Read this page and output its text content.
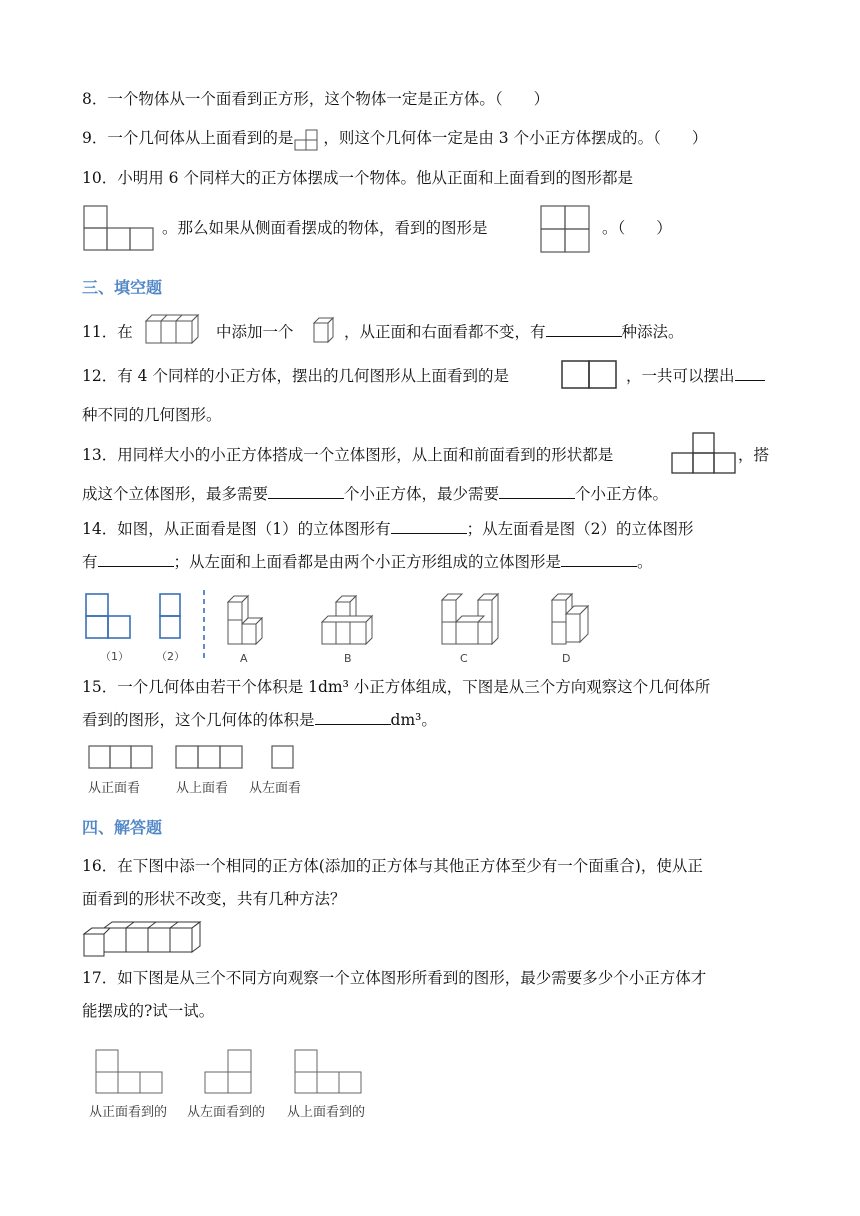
8．一个物体从一个面看到正方形，这个物体一定是正方体。（　　）
9．一个几何体从上面看到的是 ，则这个几何体一定是由 3 个小正方体摆成的。（　　）
10．小明用 6 个同样大的正方体摆成一个物体。他从正面和上面看到的图形都是
。那么如果从侧面看摆成的物体，看到的图形是	。（　　）
三、填空题
11．在	中添加一个	，从正面和右面看都不变，有	种添法。
12．有 4 个同样的小正方体，摆出的几何图形从上面看到的是	，一共可以摆出
种不同的几何图形。
13．用同样大小的小正方体搭成一个立体图形，从上面和前面看到的形状都是	，搭
成这个立体图形，最多需要	个小正方体，最少需要	个小正方体。
14．如图，从正面看是图（1）的立体图形有	；从左面看是图（2）的立体图形
有	；从左面和上面看都是由两个小正方形组成的立体图形是	。
（1） （2）	A	B	C	D
15．一个几何体由若干个体积是 1dm³ 小正方体组成，下图是从三个方向观察这个几何体所
看到的图形，这个几何体的体积是	dm³。
从正面看	从上面看 从左面看
四、解答题
16．在下图中添一个相同的正方体(添加的正方体与其他正方体至少有一个面重合)，使从正
面看到的形状不改变，共有几种方法？
17．如下图是从三个不同方向观察一个立体图形所看到的图形，最少需要多少个小正方体才
能摆成的?试一试。
从正面看到的 从左面看到的 从上面看到的
